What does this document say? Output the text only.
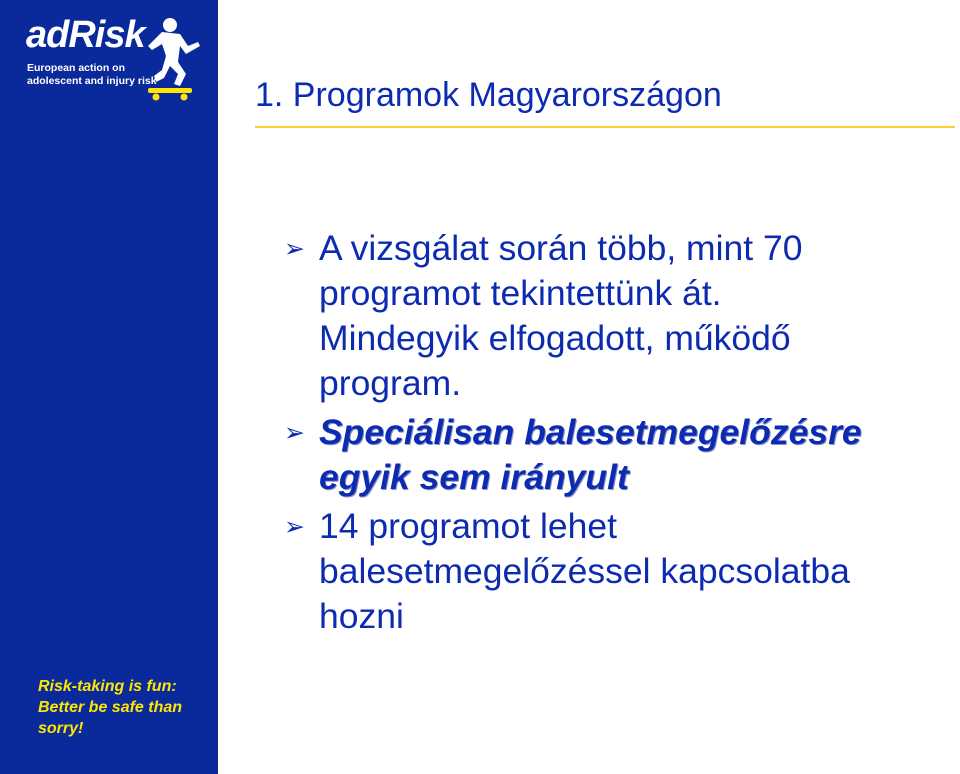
adRisk
European action on
adolescent and injury risk
Risk-taking is fun:
Better be safe than
sorry!
1. Programok Magyarországon
➢ A vizsgálat során több, mint 70
programot tekintettünk át.
Mindegyik elfogadott, működő
program.
➢ Speciálisan balesetmegelőzésre
egyik sem irányult
➢ 14 programot lehet
balesetmegelőzéssel kapcsolatba
hozni
